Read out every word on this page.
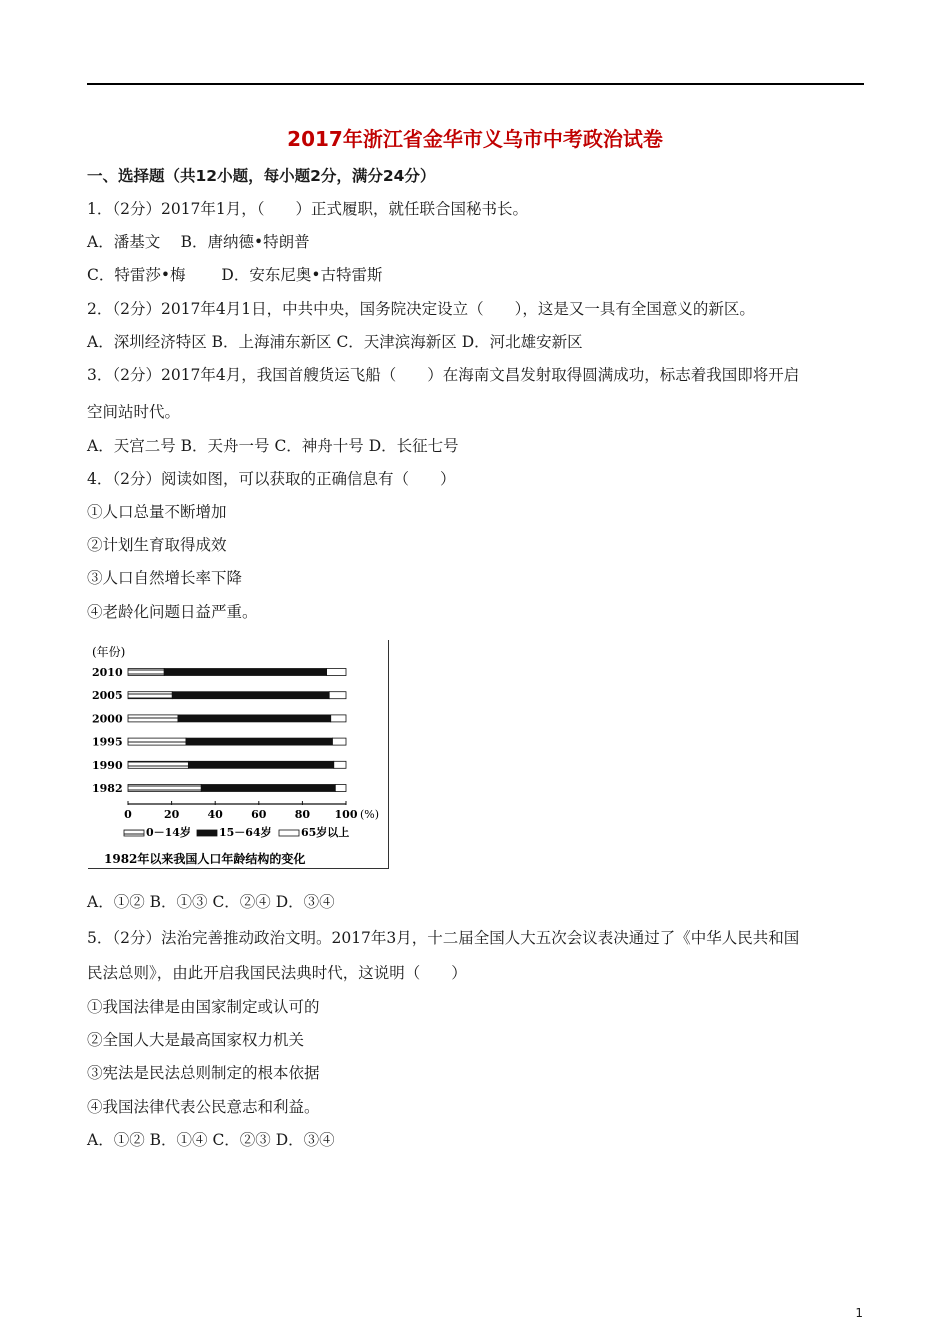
2017年浙江省金华市义乌市中考政治试卷
一、选择题（共12小题，每小题2分，满分24分）
1．（2分）2017年1月，（　　）正式履职，就任联合国秘书长。
A．潘基文　 B．唐纳德•特朗普
C．特雷莎•梅　　 D．安东尼奥•古特雷斯
2．（2分）2017年4月1日，中共中央，国务院决定设立（　　），这是又一具有全国意义的新区。
A．深圳经济特区 B．上海浦东新区 C．天津滨海新区 D．河北雄安新区
3．（2分）2017年4月，我国首艘货运飞船（　　）在海南文昌发射取得圆满成功，标志着我国即将开启
空间站时代。
A．天宫二号 B．天舟一号 C．神舟十号 D．长征七号
4．（2分）阅读如图，可以获取的正确信息有（　　）
①人口总量不断增加
②计划生育取得成效
③人口自然增长率下降
④老龄化问题日益严重。
(年份)
2010
2005
2000
1995
1990
1982
0	20	40	60	80 100 (%)
0－14岁	15－64岁	65岁以上
1982年以来我国人口年龄结构的变化
A．①② B．①③ C．②④ D．③④
5．（2分）法治完善推动政治文明。2017年3月，十二届全国人大五次会议表决通过了《中华人民共和国
民法总则》，由此开启我国民法典时代，这说明（　　）
①我国法律是由国家制定或认可的
②全国人大是最高国家权力机关
③宪法是民法总则制定的根本依据
④我国法律代表公民意志和利益。
A．①② B．①④ C．②③ D．③④
1
